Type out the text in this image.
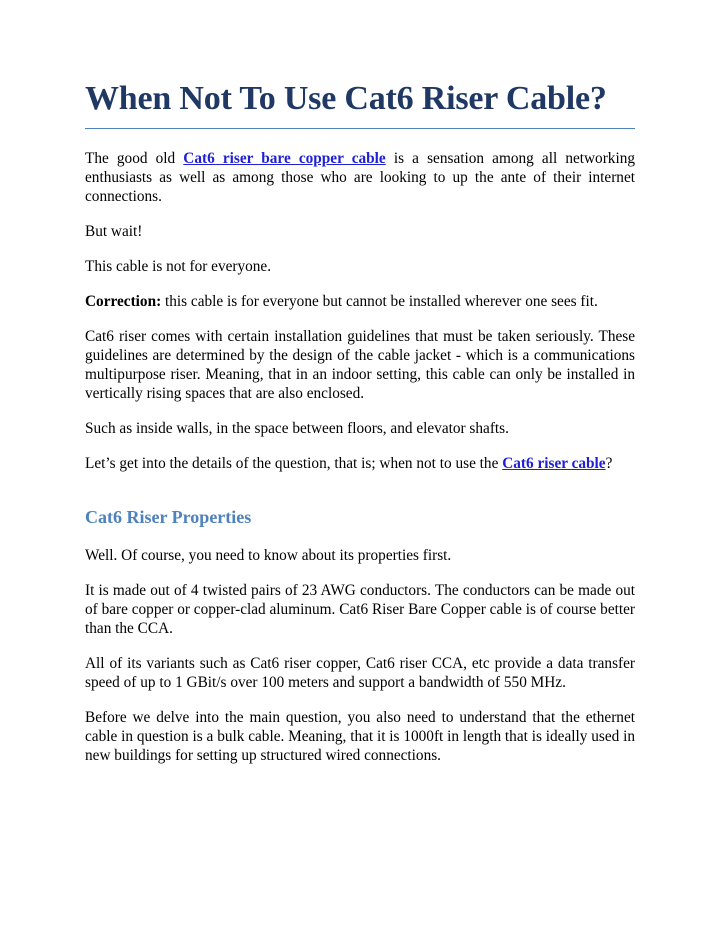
When Not To Use Cat6 Riser Cable?

The good old Cat6 riser bare copper cable is a sensation among all networking enthusiasts as well as among those who are looking to up the ante of their internet connections.

But wait!

This cable is not for everyone.

Correction: this cable is for everyone but cannot be installed wherever one sees fit.

Cat6 riser comes with certain installation guidelines that must be taken seriously. These guidelines are determined by the design of the cable jacket - which is a communications multipurpose riser. Meaning, that in an indoor setting, this cable can only be installed in vertically rising spaces that are also enclosed.

Such as inside walls, in the space between floors, and elevator shafts.

Let’s get into the details of the question, that is; when not to use the Cat6 riser cable?

Cat6 Riser Properties

Well. Of course, you need to know about its properties first.

It is made out of 4 twisted pairs of 23 AWG conductors. The conductors can be made out of bare copper or copper-clad aluminum. Cat6 Riser Bare Copper cable is of course better than the CCA.

All of its variants such as Cat6 riser copper, Cat6 riser CCA, etc provide a data transfer speed of up to 1 GBit/s over 100 meters and support a bandwidth of 550 MHz.

Before we delve into the main question, you also need to understand that the ethernet cable in question is a bulk cable. Meaning, that it is 1000ft in length that is ideally used in new buildings for setting up structured wired connections.
